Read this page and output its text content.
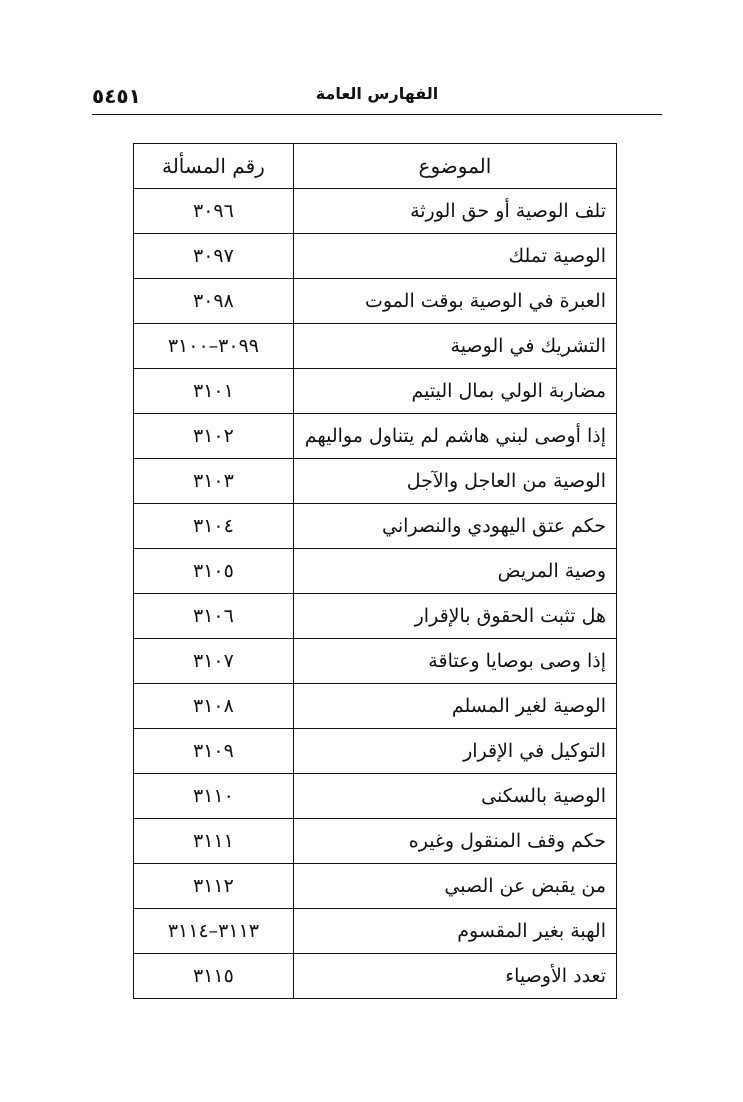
٥٤٥١	الفهارس العامة
الموضوع	رقم المسألة
تلف الوصية أو حق الورثة	٣٠٩٦
الوصية تملك	٣٠٩٧
العبرة في الوصية بوقت الموت	٣٠٩٨
التشريك في الوصية	٣٠٩٩–٣١٠٠
مضاربة الولي بمال اليتيم	٣١٠١
إذا أوصى لبني هاشم لم يتناول مواليهم	٣١٠٢
الوصية من العاجل والآجل	٣١٠٣
حكم عتق اليهودي والنصراني	٣١٠٤
وصية المريض	٣١٠٥
هل تثبت الحقوق بالإقرار	٣١٠٦
إذا وصى بوصايا وعتاقة	٣١٠٧
الوصية لغير المسلم	٣١٠٨
التوكيل في الإقرار	٣١٠٩
الوصية بالسكنى	٣١١٠
حكم وقف المنقول وغيره	٣١١١
من يقبض عن الصبي	٣١١٢
الهبة بغير المقسوم	٣١١٣–٣١١٤
تعدد الأوصياء	٣١١٥
